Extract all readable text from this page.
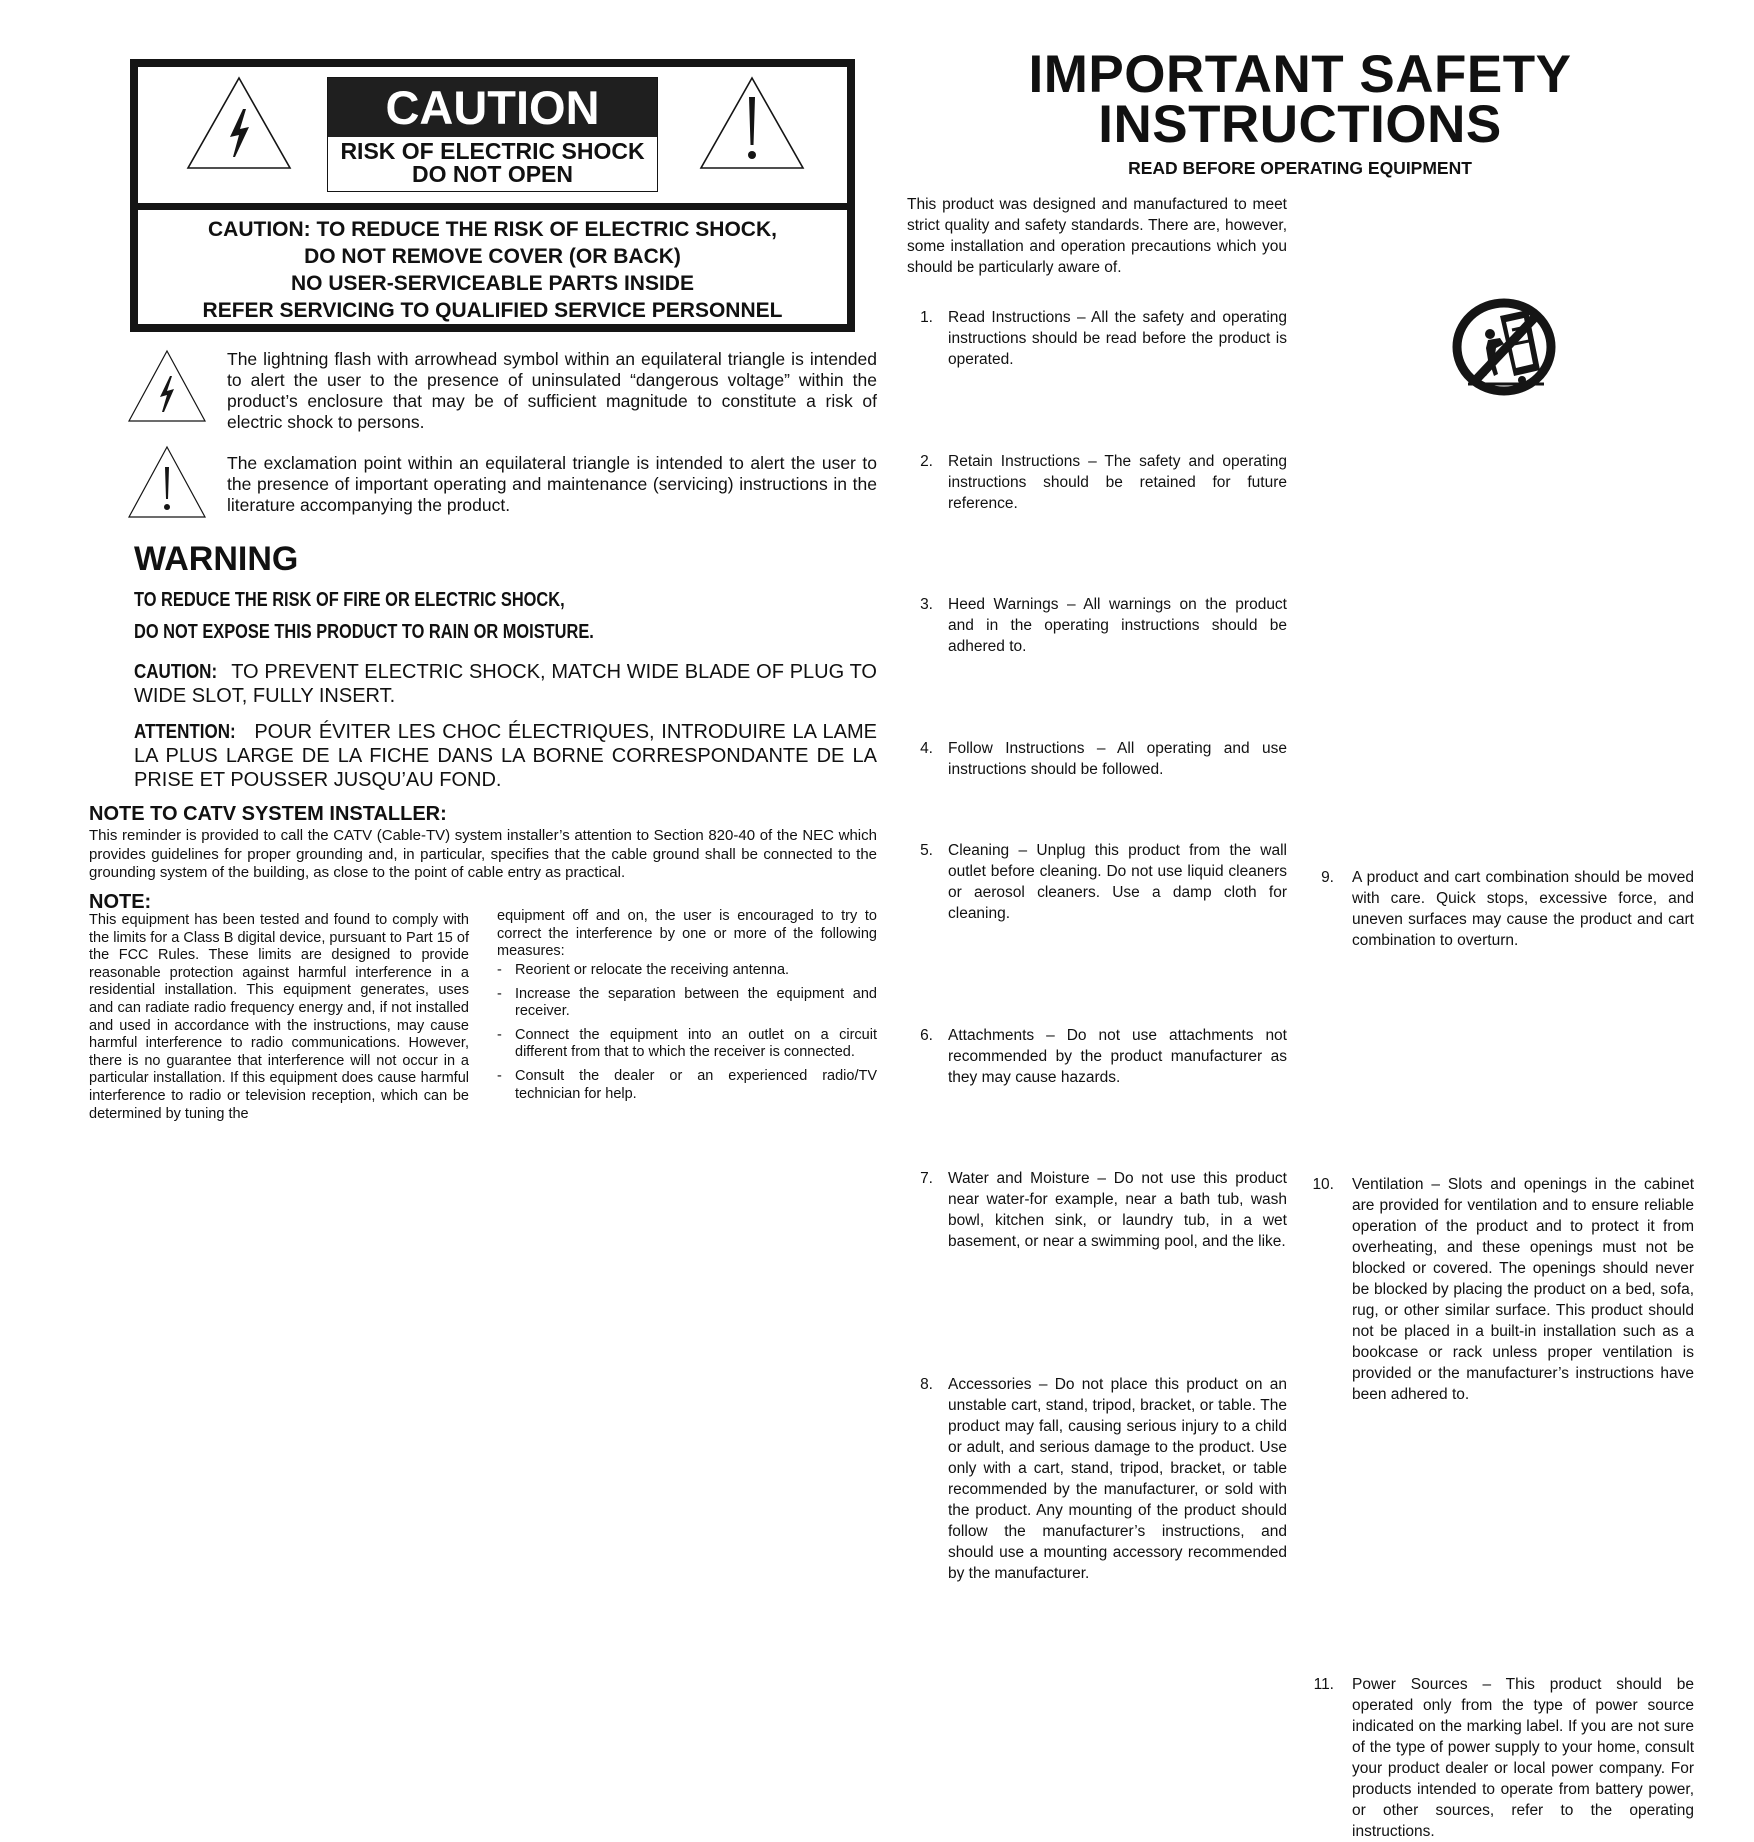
CAUTION
RISK OF ELECTRIC SHOCK
DO NOT OPEN
CAUTION: TO REDUCE THE RISK OF ELECTRIC SHOCK,
DO NOT REMOVE COVER (OR BACK)
NO USER-SERVICEABLE PARTS INSIDE
REFER SERVICING TO QUALIFIED SERVICE PERSONNEL
The lightning flash with arrowhead symbol within an equilateral triangle is intended to alert the user to the presence of uninsulated “dangerous voltage” within the product’s enclosure that may be of sufficient magnitude to constitute a risk of electric shock to persons.
The exclamation point within an equilateral triangle is intended to alert the user to the presence of important operating and maintenance (servicing) instructions in the literature accompanying the product.
WARNING
TO REDUCE THE RISK OF FIRE OR ELECTRIC SHOCK,
DO NOT EXPOSE THIS PRODUCT TO RAIN OR MOISTURE.
CAUTION: TO PREVENT ELECTRIC SHOCK, MATCH WIDE BLADE OF PLUG TO WIDE SLOT, FULLY INSERT.
ATTENTION: POUR ÉVITER LES CHOC ÉLECTRIQUES, INTRODUIRE LA LAME LA PLUS LARGE DE LA FICHE DANS LA BORNE CORRESPONDANTE DE LA PRISE ET POUSSER JUSQU’AU FOND.
NOTE TO CATV SYSTEM INSTALLER:
This reminder is provided to call the CATV (Cable-TV) system installer’s attention to Section 820-40 of the NEC which provides guidelines for proper grounding and, in particular, specifies that the cable ground shall be connected to the grounding system of the building, as close to the point of cable entry as practical.
NOTE:
This equipment has been tested and found to comply with the limits for a Class B digital device, pursuant to Part 15 of the FCC Rules. These limits are designed to provide reasonable protection against harmful interference in a residential installation. This equipment generates, uses and can radiate radio frequency energy and, if not installed and used in accordance with the instructions, may cause harmful interference to radio communications. However, there is no guarantee that interference will not occur in a particular installation. If this equipment does cause harmful interference to radio or television reception, which can be determined by tuning the
equipment off and on, the user is encouraged to try to correct the interference by one or more of the following measures:
- Reorient or relocate the receiving antenna.
- Increase the separation between the equipment and receiver.
- Connect the equipment into an outlet on a circuit different from that to which the receiver is connected.
- Consult the dealer or an experienced radio/TV technician for help.
IMPORTANT SAFETY
INSTRUCTIONS
READ BEFORE OPERATING EQUIPMENT
This product was designed and manufactured to meet strict quality and safety standards. There are, however, some installation and operation precautions which you should be particularly aware of.
1. Read Instructions – All the safety and operating instructions should be read before the product is operated.
2. Retain Instructions – The safety and operating instructions should be retained for future reference.
3. Heed Warnings – All warnings on the product and in the operating instructions should be adhered to.
4. Follow Instructions – All operating and use instructions should be followed.
5. Cleaning – Unplug this product from the wall outlet before cleaning. Do not use liquid cleaners or aerosol cleaners. Use a damp cloth for cleaning.
6. Attachments – Do not use attachments not recommended by the product manufacturer as they may cause hazards.
7. Water and Moisture – Do not use this product near water-for example, near a bath tub, wash bowl, kitchen sink, or laundry tub, in a wet basement, or near a swimming pool, and the like.
8. Accessories – Do not place this product on an unstable cart, stand, tripod, bracket, or table. The product may fall, causing serious injury to a child or adult, and serious damage to the product. Use only with a cart, stand, tripod, bracket, or table recommended by the manufacturer, or sold with the product. Any mounting of the product should follow the manufacturer’s instructions, and should use a mounting accessory recommended by the manufacturer.
9. A product and cart combination should be moved with care. Quick stops, excessive force, and uneven surfaces may cause the product and cart combination to overturn.
10. Ventilation – Slots and openings in the cabinet are provided for ventilation and to ensure reliable operation of the product and to protect it from overheating, and these openings must not be blocked or covered. The openings should never be blocked by placing the product on a bed, sofa, rug, or other similar surface. This product should not be placed in a built-in installation such as a bookcase or rack unless proper ventilation is provided or the manufacturer’s instructions have been adhered to.
11. Power Sources – This product should be operated only from the type of power source indicated on the marking label. If you are not sure of the type of power supply to your home, consult your product dealer or local power company. For products intended to operate from battery power, or other sources, refer to the operating instructions.
